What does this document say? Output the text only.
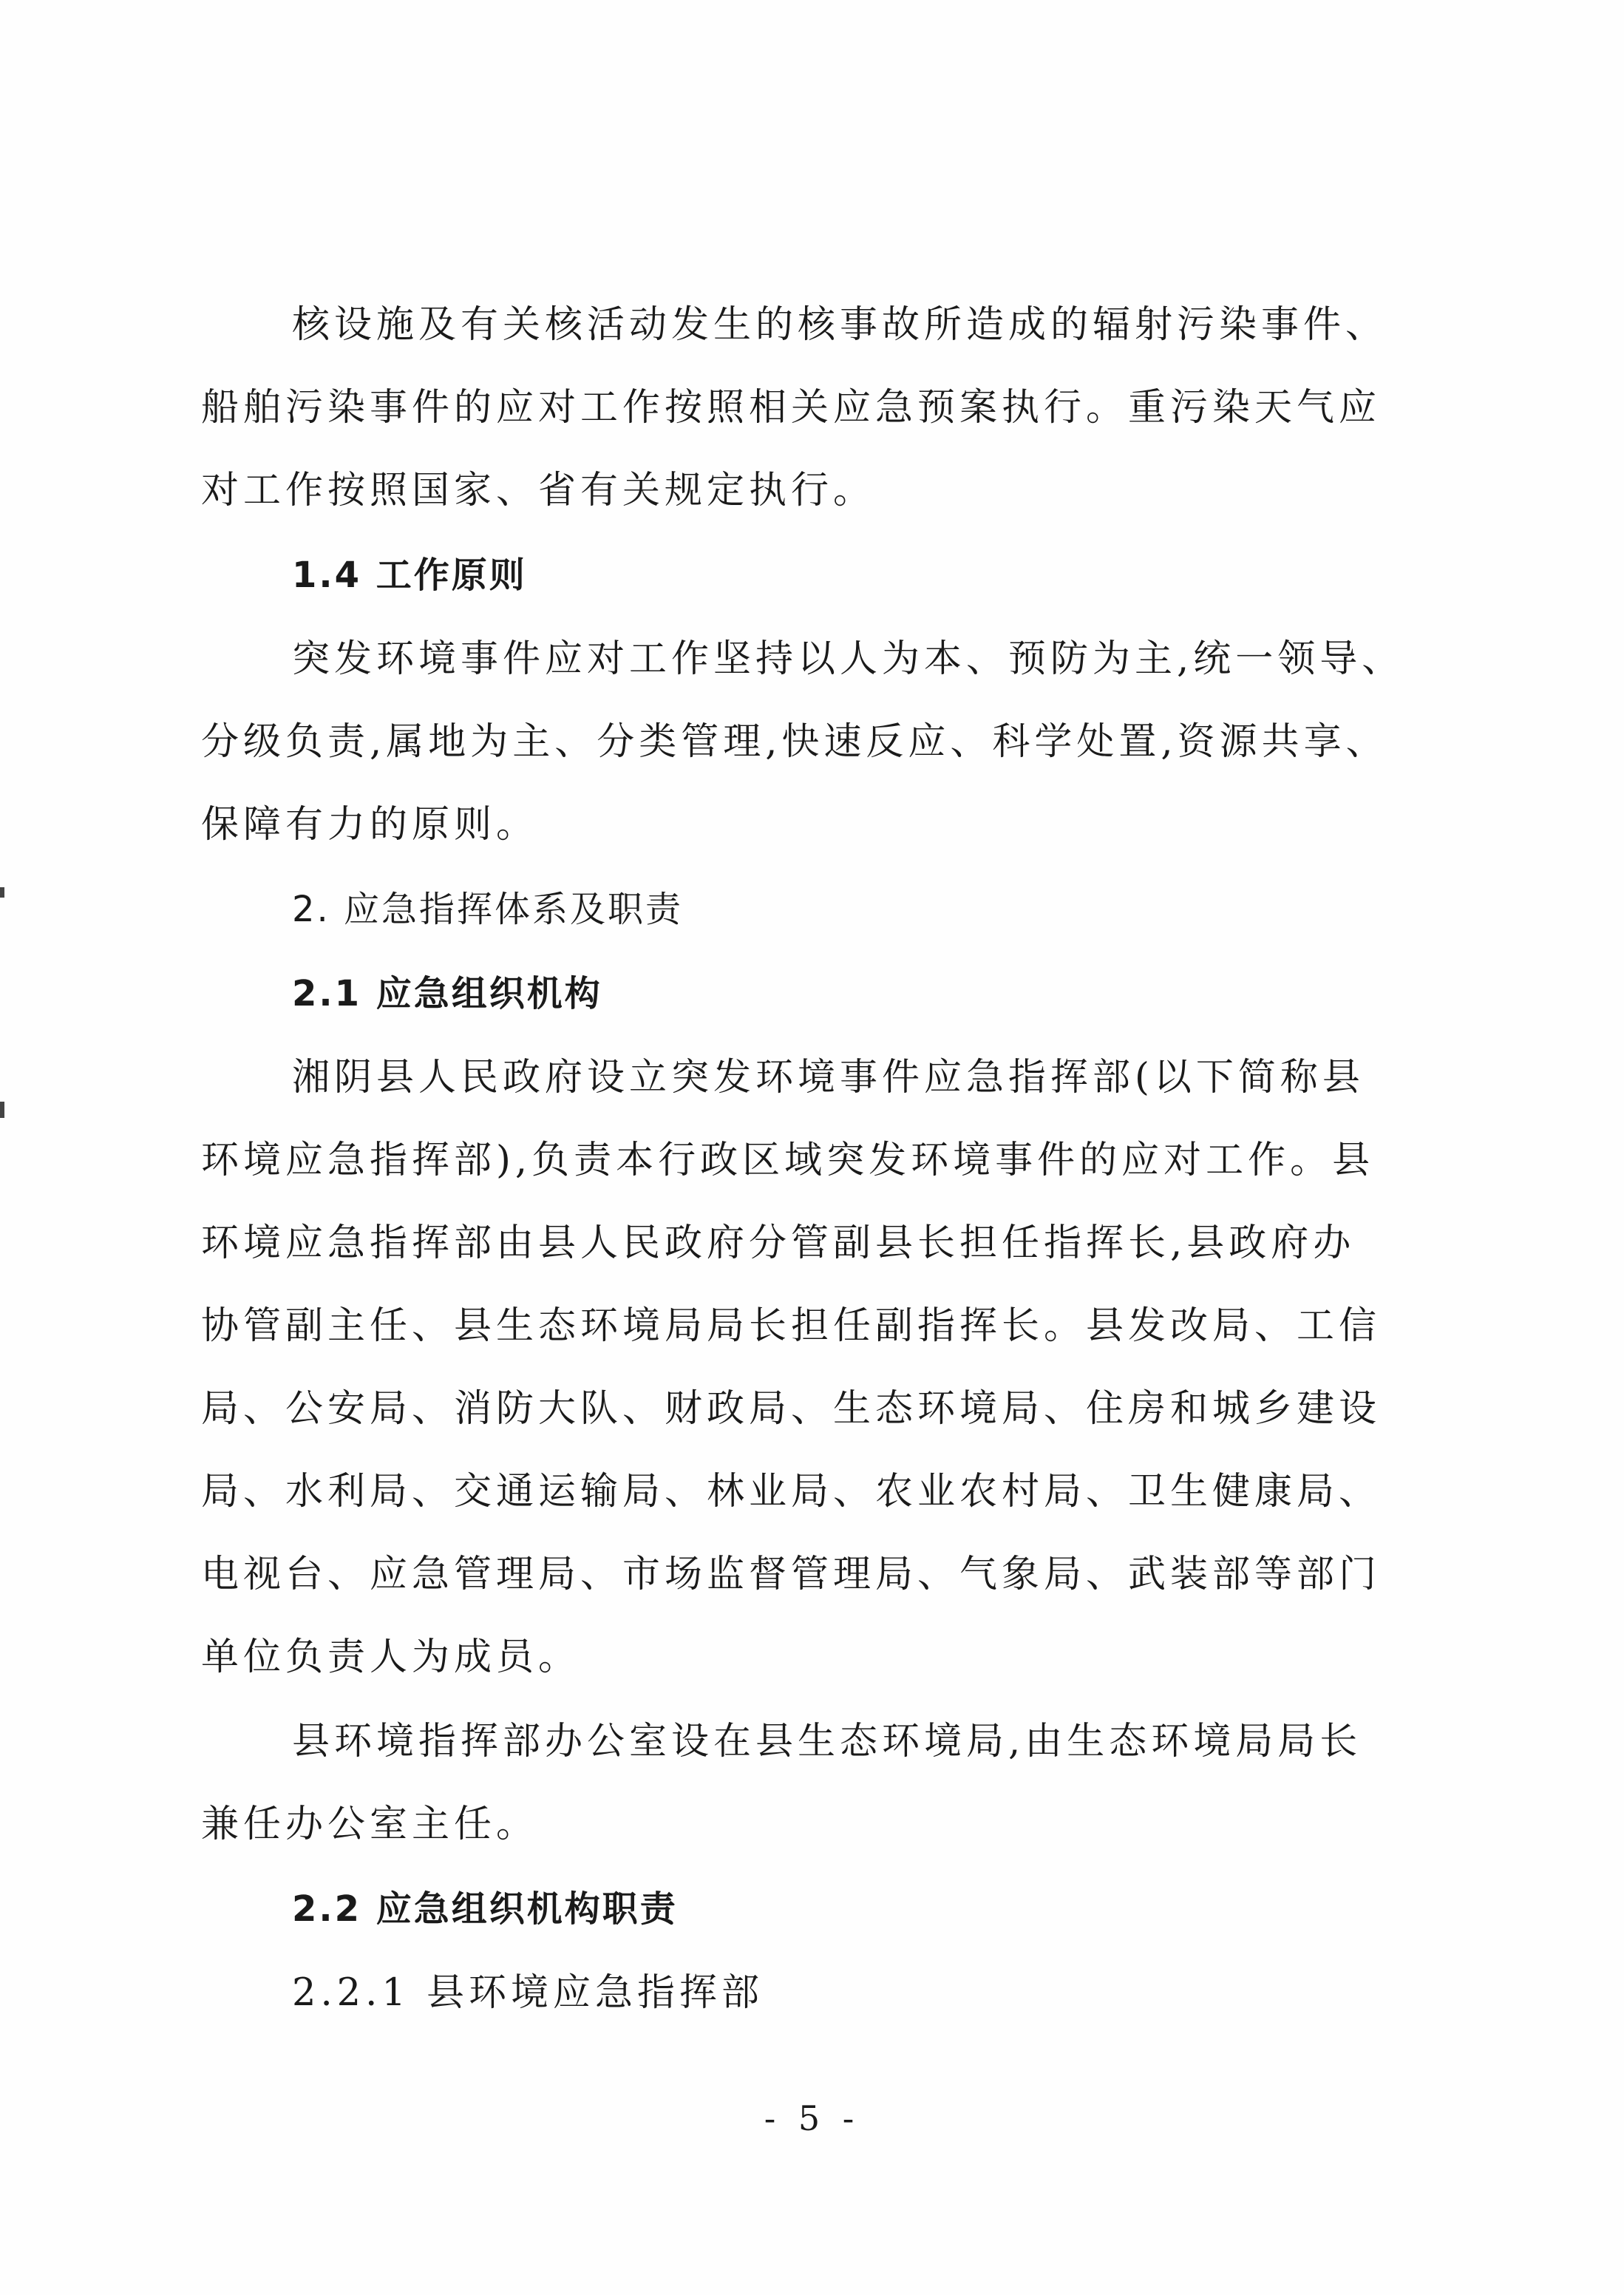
核设施及有关核活动发生的核事故所造成的辐射污染事件、
船舶污染事件的应对工作按照相关应急预案执行。重污染天气应
对工作按照国家、省有关规定执行。
1.4 工作原则
突发环境事件应对工作坚持以人为本、预防为主,统一领导、
分级负责,属地为主、分类管理,快速反应、科学处置,资源共享、
保障有力的原则。
2. 应急指挥体系及职责
2.1 应急组织机构
湘阴县人民政府设立突发环境事件应急指挥部(以下简称县
环境应急指挥部),负责本行政区域突发环境事件的应对工作。县
环境应急指挥部由县人民政府分管副县长担任指挥长,县政府办
协管副主任、县生态环境局局长担任副指挥长。县发改局、工信
局、公安局、消防大队、财政局、生态环境局、住房和城乡建设
局、水利局、交通运输局、林业局、农业农村局、卫生健康局、
电视台、应急管理局、市场监督管理局、气象局、武装部等部门
单位负责人为成员。
县环境指挥部办公室设在县生态环境局,由生态环境局局长
兼任办公室主任。
2.2 应急组织机构职责
2.2.1 县环境应急指挥部
- 5 -
